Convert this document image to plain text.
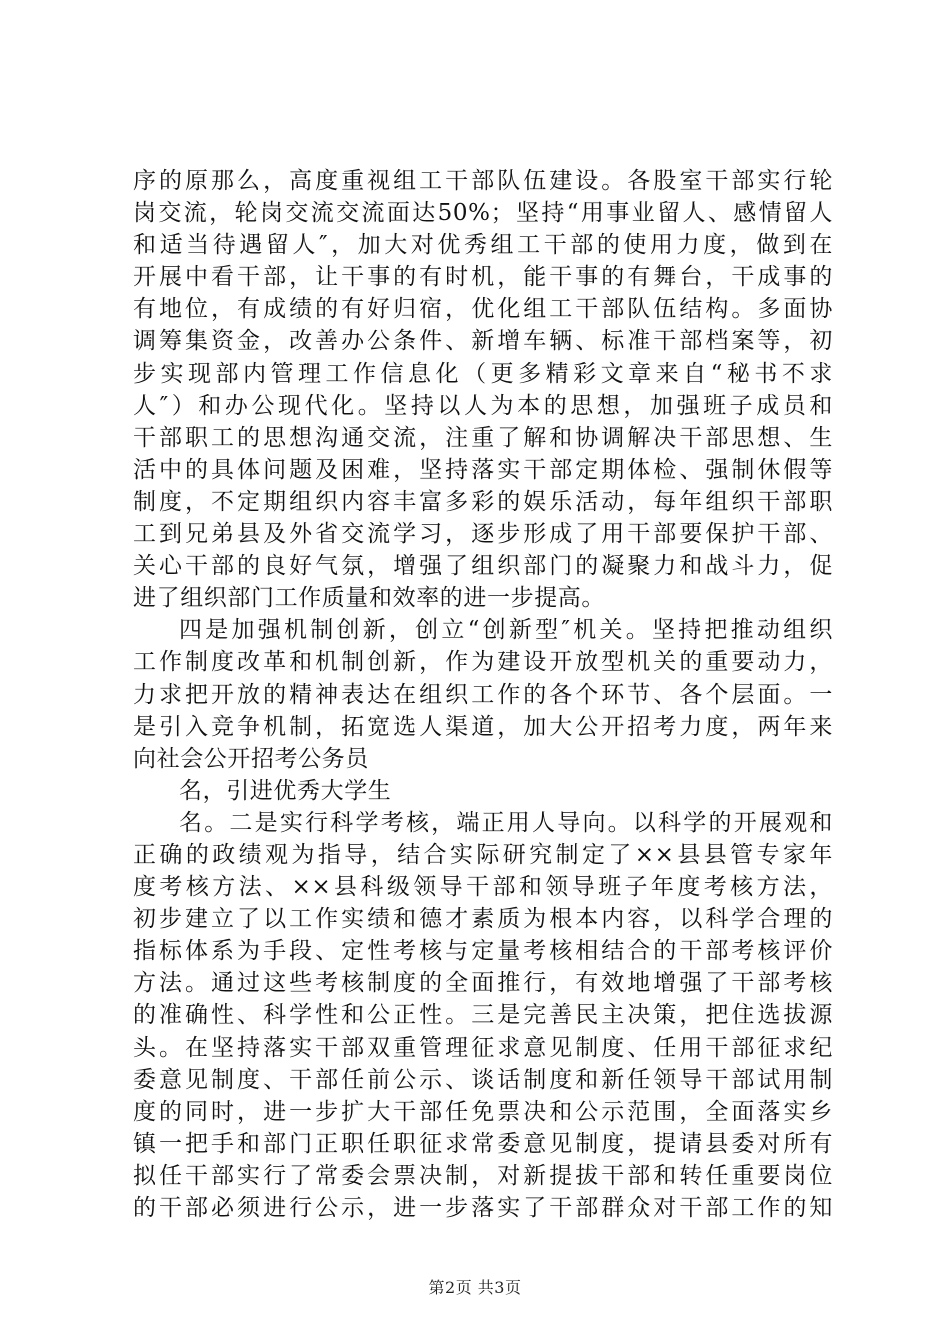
序的原那么，高度重视组工干部队伍建设。各股室干部实行轮
岗交流，轮岗交流交流面达50%；坚持“用事业留人、感情留人
和适当待遇留人″，加大对优秀组工干部的使用力度，做到在
开展中看干部，让干事的有时机，能干事的有舞台，干成事的
有地位，有成绩的有好归宿，优化组工干部队伍结构。多面协
调筹集资金，改善办公条件、新增车辆、标准干部档案等，初
步实现部内管理工作信息化（更多精彩文章来自“秘书不求
人″）和办公现代化。坚持以人为本的思想，加强班子成员和
干部职工的思想沟通交流，注重了解和协调解决干部思想、生
活中的具体问题及困难，坚持落实干部定期体检、强制休假等
制度，不定期组织内容丰富多彩的娱乐活动，每年组织干部职
工到兄弟县及外省交流学习，逐步形成了用干部要保护干部、
关心干部的良好气氛，增强了组织部门的凝聚力和战斗力，促
进了组织部门工作质量和效率的进一步提高。
四是加强机制创新，创立“创新型″机关。坚持把推动组织
工作制度改革和机制创新，作为建设开放型机关的重要动力，
力求把开放的精神表达在组织工作的各个环节、各个层面。一
是引入竞争机制，拓宽选人渠道，加大公开招考力度，两年来
向社会公开招考公务员
名，引进优秀大学生
名。二是实行科学考核，端正用人导向。以科学的开展观和
正确的政绩观为指导，结合实际研究制定了××县县管专家年
度考核方法、××县科级领导干部和领导班子年度考核方法，
初步建立了以工作实绩和德才素质为根本内容，以科学合理的
指标体系为手段、定性考核与定量考核相结合的干部考核评价
方法。通过这些考核制度的全面推行，有效地增强了干部考核
的准确性、科学性和公正性。三是完善民主决策，把住选拔源
头。在坚持落实干部双重管理征求意见制度、任用干部征求纪
委意见制度、干部任前公示、谈话制度和新任领导干部试用制
度的同时，进一步扩大干部任免票决和公示范围，全面落实乡
镇一把手和部门正职任职征求常委意见制度，提请县委对所有
拟任干部实行了常委会票决制，对新提拔干部和转任重要岗位
的干部必须进行公示，进一步落实了干部群众对干部工作的知
第2页 共3页
